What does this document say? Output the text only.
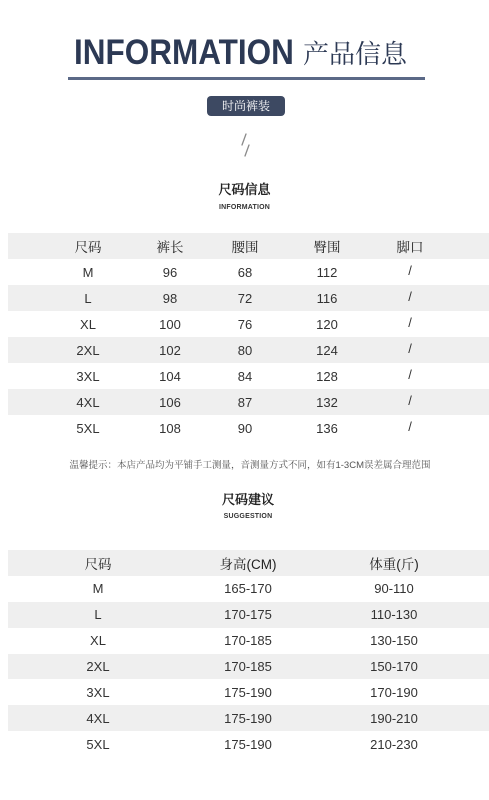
INFORMATION 产品信息
时尚裤装
尺码信息
INFORMATION
尺码	裤长	腰围	臀围	脚口
M	96	68	112	/
L	98	72	116	/
XL	100	76	120	/
2XL	102	80	124	/
3XL	104	84	128	/
4XL	106	87	132	/
5XL	108	90	136	/
温馨提示：本店产品均为平铺手工测量，音测量方式不同，如有1-3CM误差属合理范围
尺码建议
SUGGESTION
尺码	身高(CM)	体重(斤)
M	165-170	90-110
L	170-175	110-130
XL	170-185	130-150
2XL	170-185	150-170
3XL	175-190	170-190
4XL	175-190	190-210
5XL	175-190	210-230
